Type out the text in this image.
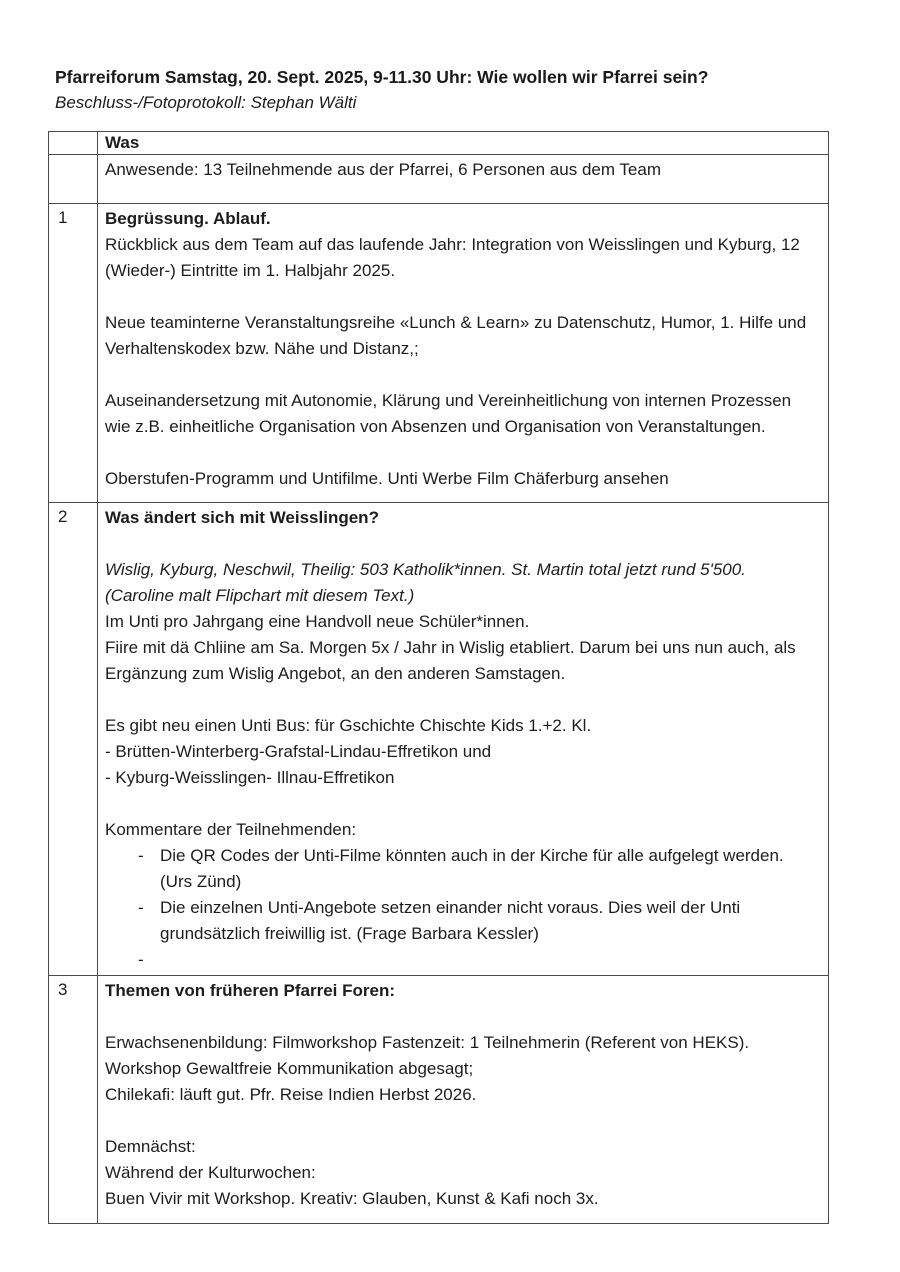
Pfarreiforum Samstag, 20. Sept. 2025, 9-11.30 Uhr: Wie wollen wir Pfarrei sein?

Beschluss-/Fotoprotokoll: Stephan Wälti

	Was

	Anwesende: 13 Teilnehmende aus der Pfarrei, 6 Personen aus dem Team

1	Begrüssung. Ablauf.

Rückblick aus dem Team auf das laufende Jahr: Integration von Weisslingen und Kyburg, 12 (Wieder-) Eintritte im 1. Halbjahr 2025.

Neue teaminterne Veranstaltungsreihe «Lunch & Learn» zu Datenschutz, Humor, 1. Hilfe und Verhaltenskodex bzw. Nähe und Distanz,;

Auseinandersetzung mit Autonomie, Klärung und Vereinheitlichung von internen Prozessen wie z.B. einheitliche Organisation von Absenzen und Organisation von Veranstaltungen.

Oberstufen-Programm und Untifilme. Unti Werbe Film Chäferburg ansehen

2	Was ändert sich mit Weisslingen?

Wislig, Kyburg, Neschwil, Theilig: 503 Katholik*innen. St. Martin total jetzt rund 5'500.

(Caroline malt Flipchart mit diesem Text.)

Im Unti pro Jahrgang eine Handvoll neue Schüler*innen.

Fiire mit dä Chliine am Sa. Morgen 5x / Jahr in Wislig etabliert. Darum bei uns nun auch, als Ergänzung zum Wislig Angebot, an den anderen Samstagen.

Es gibt neu einen Unti Bus: für Gschichte Chischte Kids 1.+2. Kl.

- Brütten-Winterberg-Grafstal-Lindau-Effretikon und

- Kyburg-Weisslingen- Illnau-Effretikon

Kommentare der Teilnehmenden:

- Die QR Codes der Unti-Filme könnten auch in der Kirche für alle aufgelegt werden. (Urs Zünd)
- Die einzelnen Unti-Angebote setzen einander nicht voraus. Dies weil der Unti grundsätzlich freiwillig ist. (Frage Barbara Kessler)
-

3	Themen von früheren Pfarrei Foren:

Erwachsenenbildung: Filmworkshop Fastenzeit: 1 Teilnehmerin (Referent von HEKS).

Workshop Gewaltfreie Kommunikation abgesagt;

Chilekafi: läuft gut. Pfr. Reise Indien Herbst 2026.

Demnächst:

Während der Kulturwochen:

Buen Vivir mit Workshop. Kreativ: Glauben, Kunst & Kafi noch 3x.
